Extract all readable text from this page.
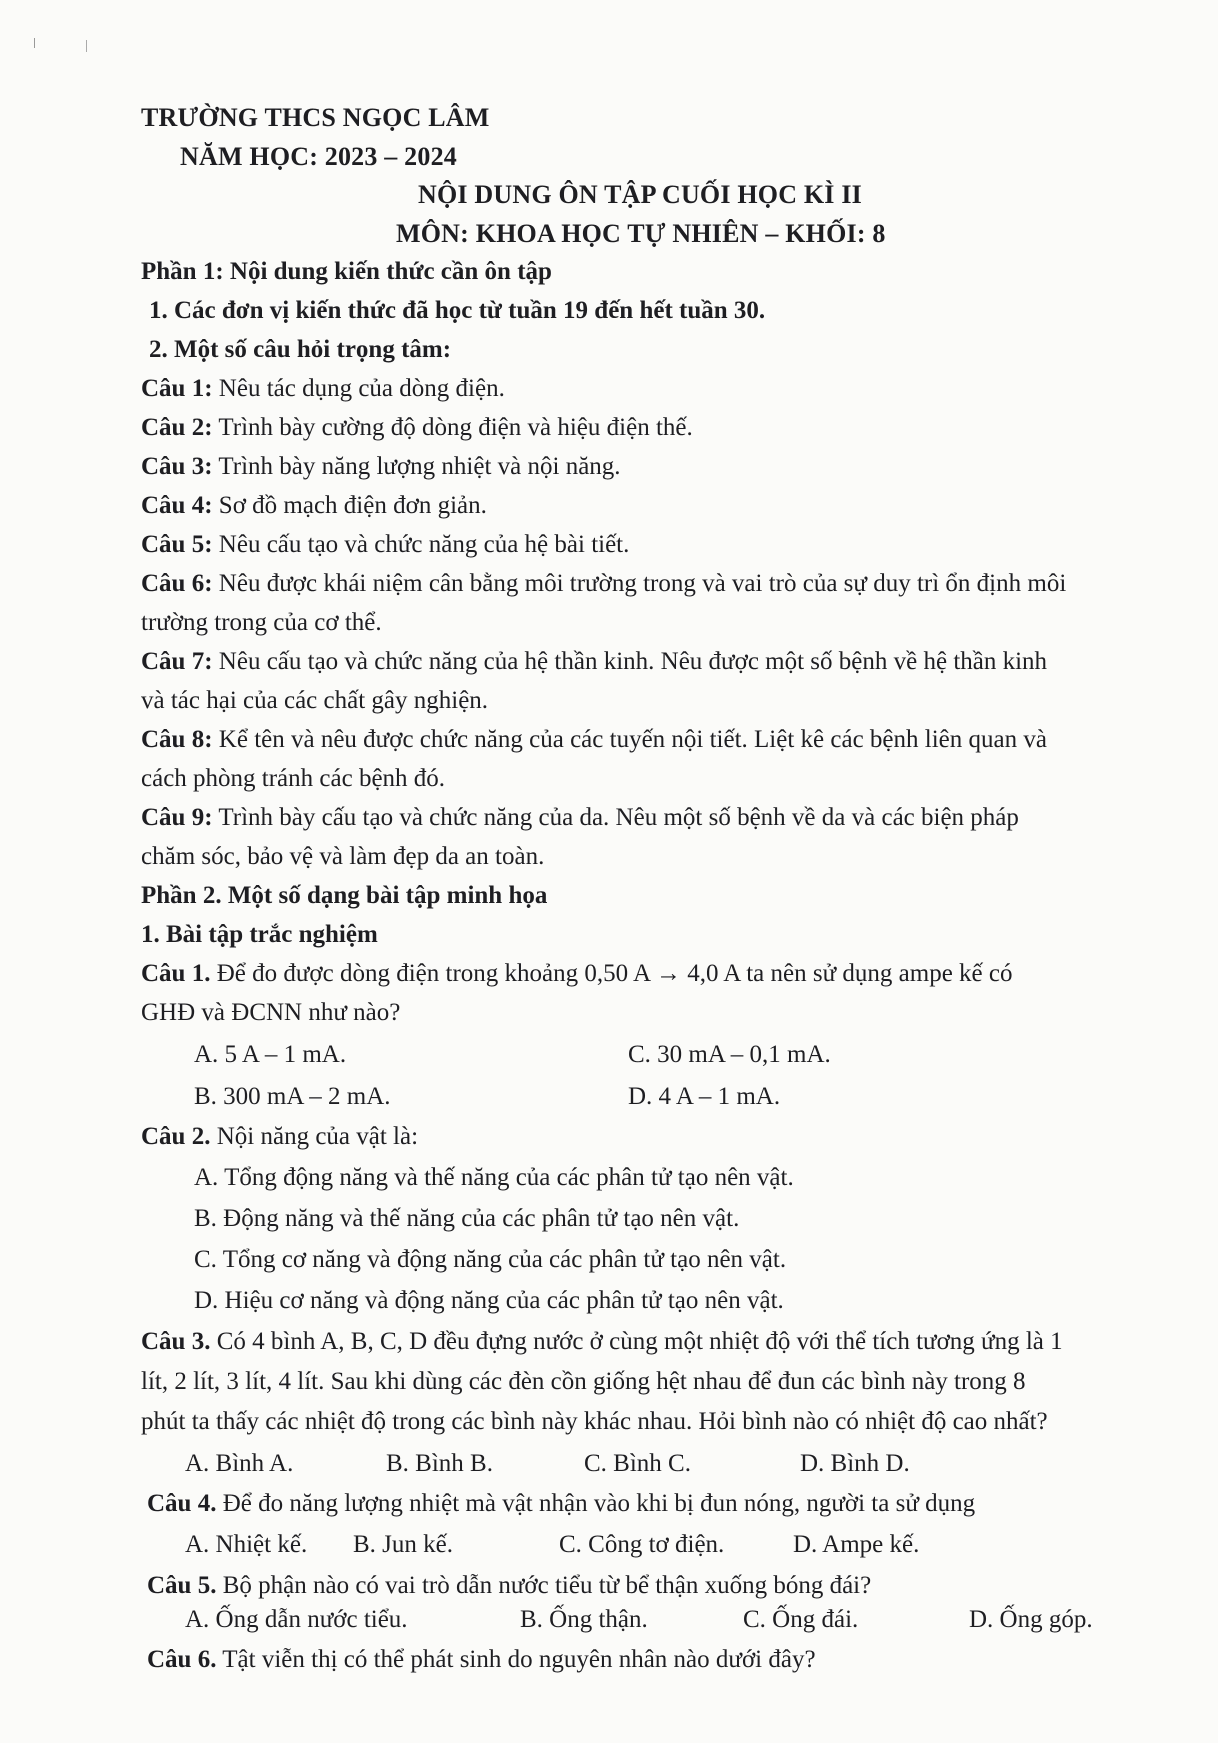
TRƯỜNG THCS NGỌC LÂM
NĂM HỌC: 2023 – 2024
NỘI DUNG ÔN TẬP CUỐI HỌC KÌ II
MÔN: KHOA HỌC TỰ NHIÊN – KHỐI: 8
Phần 1: Nội dung kiến thức cần ôn tập
1. Các đơn vị kiến thức đã học từ tuần 19 đến hết tuần 30.
2. Một số câu hỏi trọng tâm:
Câu 1: Nêu tác dụng của dòng điện.
Câu 2: Trình bày cường độ dòng điện và hiệu điện thế.
Câu 3: Trình bày năng lượng nhiệt và nội năng.
Câu 4: Sơ đồ mạch điện đơn giản.
Câu 5: Nêu cấu tạo và chức năng của hệ bài tiết.
Câu 6: Nêu được khái niệm cân bằng môi trường trong và vai trò của sự duy trì ổn định môi
trường trong của cơ thể.
Câu 7: Nêu cấu tạo và chức năng của hệ thần kinh. Nêu được một số bệnh về hệ thần kinh
và tác hại của các chất gây nghiện.
Câu 8: Kể tên và nêu được chức năng của các tuyến nội tiết. Liệt kê các bệnh liên quan và
cách phòng tránh các bệnh đó.
Câu 9: Trình bày cấu tạo và chức năng của da. Nêu một số bệnh về da và các biện pháp
chăm sóc, bảo vệ và làm đẹp da an toàn.
Phần 2. Một số dạng bài tập minh họa
1. Bài tập trắc nghiệm
Câu 1. Để đo được dòng điện trong khoảng 0,50 A → 4,0 A ta nên sử dụng ampe kế có
GHĐ và ĐCNN như nào?
A. 5 A – 1 mA.	C. 30 mA – 0,1 mA.
B. 300 mA – 2 mA.	D. 4 A – 1 mA.
Câu 2. Nội năng của vật là:
A. Tổng động năng và thế năng của các phân tử tạo nên vật.
B. Động năng và thế năng của các phân tử tạo nên vật.
C. Tổng cơ năng và động năng của các phân tử tạo nên vật.
D. Hiệu cơ năng và động năng của các phân tử tạo nên vật.
Câu 3. Có 4 bình A, B, C, D đều đựng nước ở cùng một nhiệt độ với thể tích tương ứng là 1
lít, 2 lít, 3 lít, 4 lít. Sau khi dùng các đèn cồn giống hệt nhau để đun các bình này trong 8
phút ta thấy các nhiệt độ trong các bình này khác nhau. Hỏi bình nào có nhiệt độ cao nhất?
A. Bình A.	B. Bình B.	C. Bình C.	D. Bình D.
Câu 4. Để đo năng lượng nhiệt mà vật nhận vào khi bị đun nóng, người ta sử dụng
A. Nhiệt kế. B. Jun kế.	C. Công tơ điện.	D. Ampe kế.
Câu 5. Bộ phận nào có vai trò dẫn nước tiểu từ bể thận xuống bóng đái?
A. Ống dẫn nước tiểu.	B. Ống thận.	C. Ống đái.	D. Ống góp.
Câu 6. Tật viễn thị có thể phát sinh do nguyên nhân nào dưới đây?
